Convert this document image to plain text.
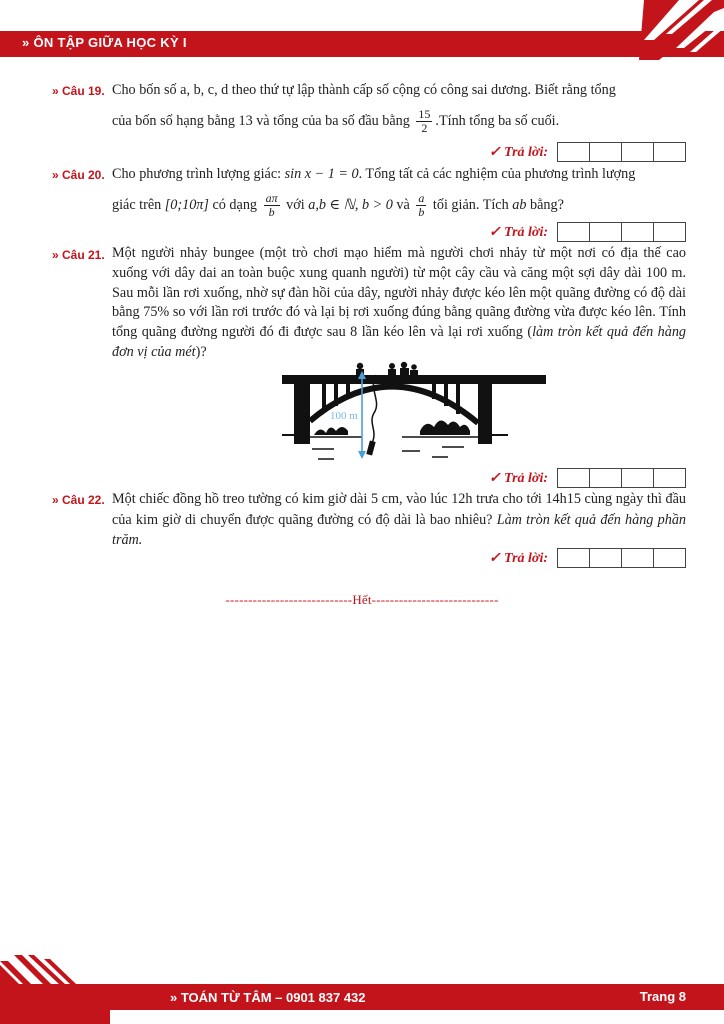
» ÔN TẬP GIỮA HỌC KỲ I
» Câu 19. Cho bốn số a, b, c, d theo thứ tự lập thành cấp số cộng có công sai dương. Biết rằng tổng
của bốn số hạng bằng 13 và tổng của ba số đầu bằng $\frac{15}{2}$ .Tính tổng ba số cuối.
✓ Trả lời:
» Câu 20. Cho phương trình lượng giác: sin x − 1 = 0. Tổng tất cả các nghiệm của phương trình lượng
giác trên [0;10π] có dạng $\frac{a\pi}{b}$ với a,b ∈ ℕ, b > 0 và $\frac{a}{b}$ tối giản. Tích ab bằng?
✓ Trả lời:
» Câu 21. Một người nhảy bungee (một trò chơi mạo hiểm mà người chơi nhảy từ một nơi có địa thế cao xuống với dây dai an toàn buộc xung quanh người) từ một cây cầu và căng một sợi dây dài 100 m. Sau mỗi lần rơi xuống, nhờ sự đàn hồi của dây, người nhảy được kéo lên một quãng đường có độ dài bằng 75% so với lần rơi trước đó và lại bị rơi xuống đúng bằng quãng đường vừa được kéo lên. Tính tổng quãng đường người đó đi được sau 8 lần kéo lên và lại rơi xuống (làm tròn kết quả đến hàng đơn vị của mét)?
100 m
✓ Trả lời:
» Câu 22. Một chiếc đồng hồ treo tường có kim giờ dài 5 cm, vào lúc 12h trưa cho tới 14h15 cùng ngày thì đầu của kim giờ di chuyển được quãng đường có độ dài là bao nhiêu? Làm tròn kết quả đến hàng phần trăm.
✓ Trả lời:
----------------------------Hết----------------------------
» TOÁN TỪ TÂM – 0901 837 432	Trang 8
